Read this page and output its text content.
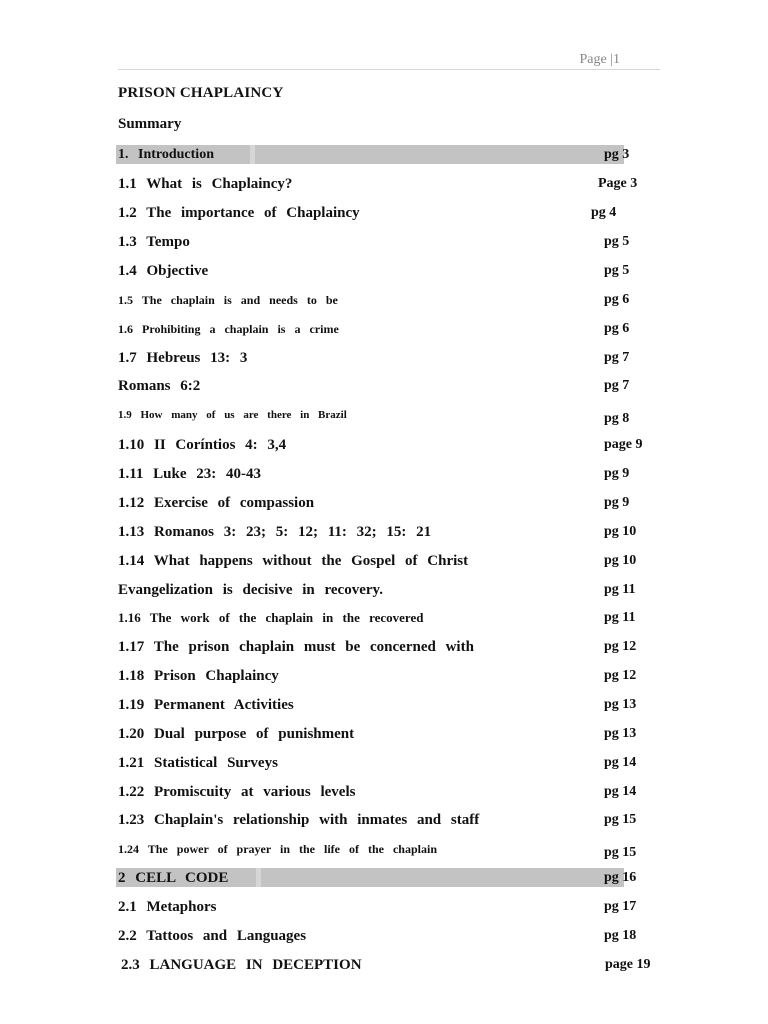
Page |1
PRISON CHAPLAINCY
Summary
1. Introduction	pg 3
1.1 What is Chaplaincy?	Page 3
1.2 The importance of Chaplaincy	pg 4
1.3 Tempo	pg 5
1.4 Objective	pg 5
1.5 The chaplain is and needs to be	pg 6
1.6 Prohibiting a chaplain is a crime	pg 6
1.7 Hebreus 13: 3	pg 7
Romans 6:2	pg 7
1.9 How many of us are there in Brazil	pg 8
1.10 II Coríntios 4: 3,4	page 9
1.11 Luke 23: 40-43	pg 9
1.12 Exercise of compassion	pg 9
1.13 Romanos 3: 23; 5: 12; 11: 32; 15: 21	pg 10
1.14 What happens without the Gospel of Christ	pg 10
Evangelization is decisive in recovery.	pg 11
1.16 The work of the chaplain in the recovered	pg 11
1.17 The prison chaplain must be concerned with	pg 12
1.18 Prison Chaplaincy	pg 12
1.19 Permanent Activities	pg 13
1.20 Dual purpose of punishment	pg 13
1.21 Statistical Surveys	pg 14
1.22 Promiscuity at various levels	pg 14
1.23 Chaplain's relationship with inmates and staff	pg 15
1.24 The power of prayer in the life of the chaplain	pg 15
2 CELL CODE	pg 16
2.1 Metaphors	pg 17
2.2 Tattoos and Languages	pg 18
2.3 LANGUAGE IN DECEPTION	page 19
